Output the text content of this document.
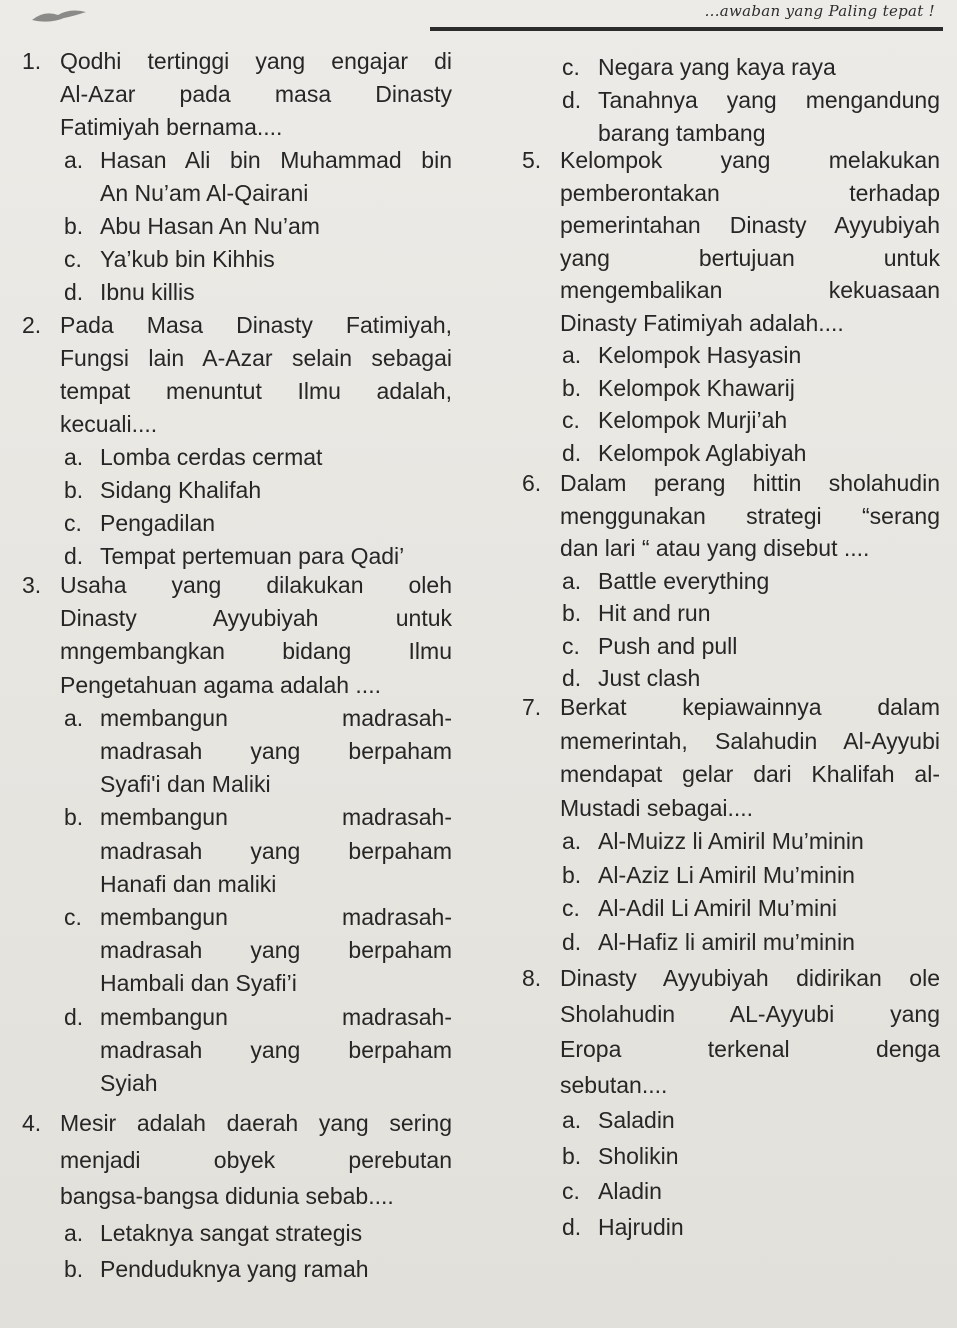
...awaban yang Paling tepat !
1. Qodhi tertinggi yang engajar di
Al-Azar pada masa Dinasty
Fatimiyah bernama....
a. Hasan Ali bin Muhammad bin
An Nu’am Al-Qairani
b. Abu Hasan An Nu’am
c. Ya’kub bin Kihhis
d. Ibnu killis
2. Pada Masa Dinasty Fatimiyah,
Fungsi lain A-Azar selain sebagai
tempat menuntut Ilmu adalah,
kecuali....
a. Lomba cerdas cermat
b. Sidang Khalifah
c. Pengadilan
d. Tempat pertemuan para Qadi’
3. Usaha yang dilakukan oleh
Dinasty Ayyubiyah untuk
mngembangkan bidang Ilmu
Pengetahuan agama adalah ....
a. membangun madrasah-
madrasah yang berpaham
Syafi'i dan Maliki
b. membangun madrasah-
madrasah yang berpaham
Hanafi dan maliki
c. membangun madrasah-
madrasah yang berpaham
Hambali dan Syafi’i
d. membangun madrasah-
madrasah yang berpaham
Syiah
4. Mesir adalah daerah yang sering
menjadi obyek perebutan
bangsa-bangsa didunia sebab....
a. Letaknya sangat strategis
b. Penduduknya yang ramah
c. Negara yang kaya raya
d. Tanahnya yang mengandung
barang tambang
5. Kelompok yang melakukan
pemberontakan terhadap
pemerintahan Dinasty Ayyubiyah
yang bertujuan untuk
mengembalikan kekuasaan
Dinasty Fatimiyah adalah....
a. Kelompok Hasyasin
b. Kelompok Khawarij
c. Kelompok Murji’ah
d. Kelompok Aglabiyah
6. Dalam perang hittin sholahudin
menggunakan strategi “serang
dan lari “ atau yang disebut ....
a. Battle everything
b. Hit and run
c. Push and pull
d. Just clash
7. Berkat kepiawainnya dalam
memerintah, Salahudin Al-Ayyubi
mendapat gelar dari Khalifah al-
Mustadi sebagai....
a. Al-Muizz li Amiril Mu’minin
b. Al-Aziz Li Amiril Mu’minin
c. Al-Adil Li Amiril Mu’mini
d. Al-Hafiz li amiril mu’minin
8. Dinasty Ayyubiyah didirikan ole
Sholahudin AL-Ayyubi yang
Eropa terkenal denga
sebutan....
a. Saladin
b. Sholikin
c. Aladin
d. Hajrudin
